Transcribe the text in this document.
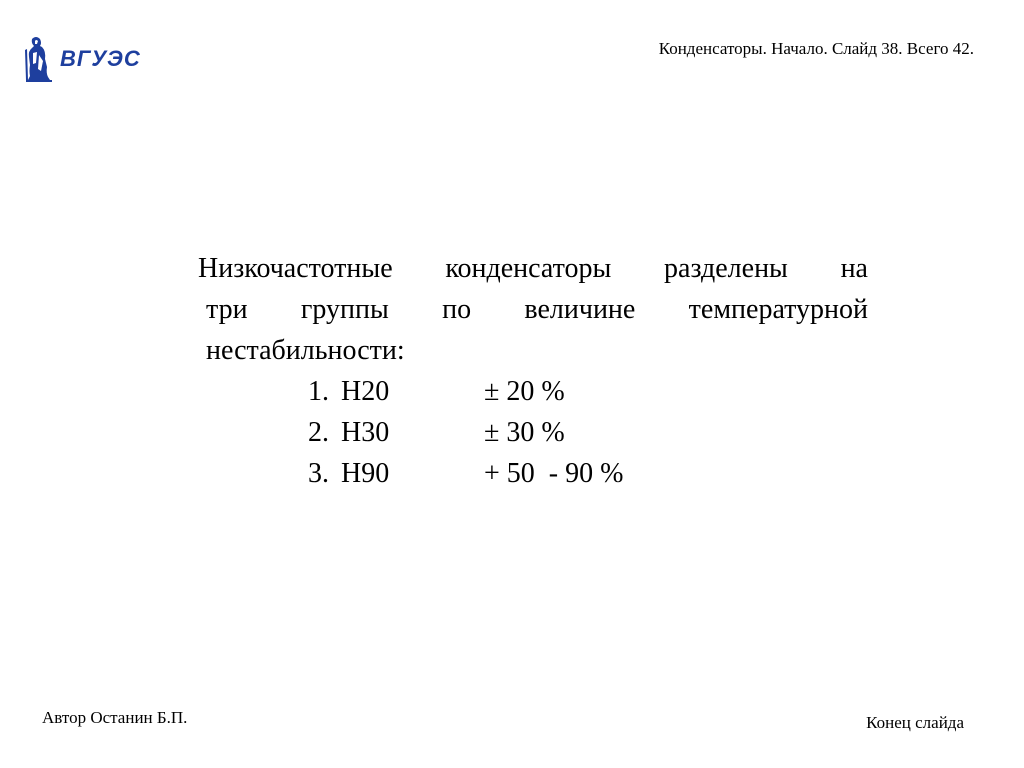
ВГУЭС	Конденсаторы. Начало. Слайд 38. Всего 42.

Низкочастотные конденсаторы разделены на

три группы по величине температурной нестабильности:

1. Н20	± 20 %
2. Н30	± 30 %
3. Н90	+ 50  - 90 %
Автор Останин Б.П.	Конец слайда
